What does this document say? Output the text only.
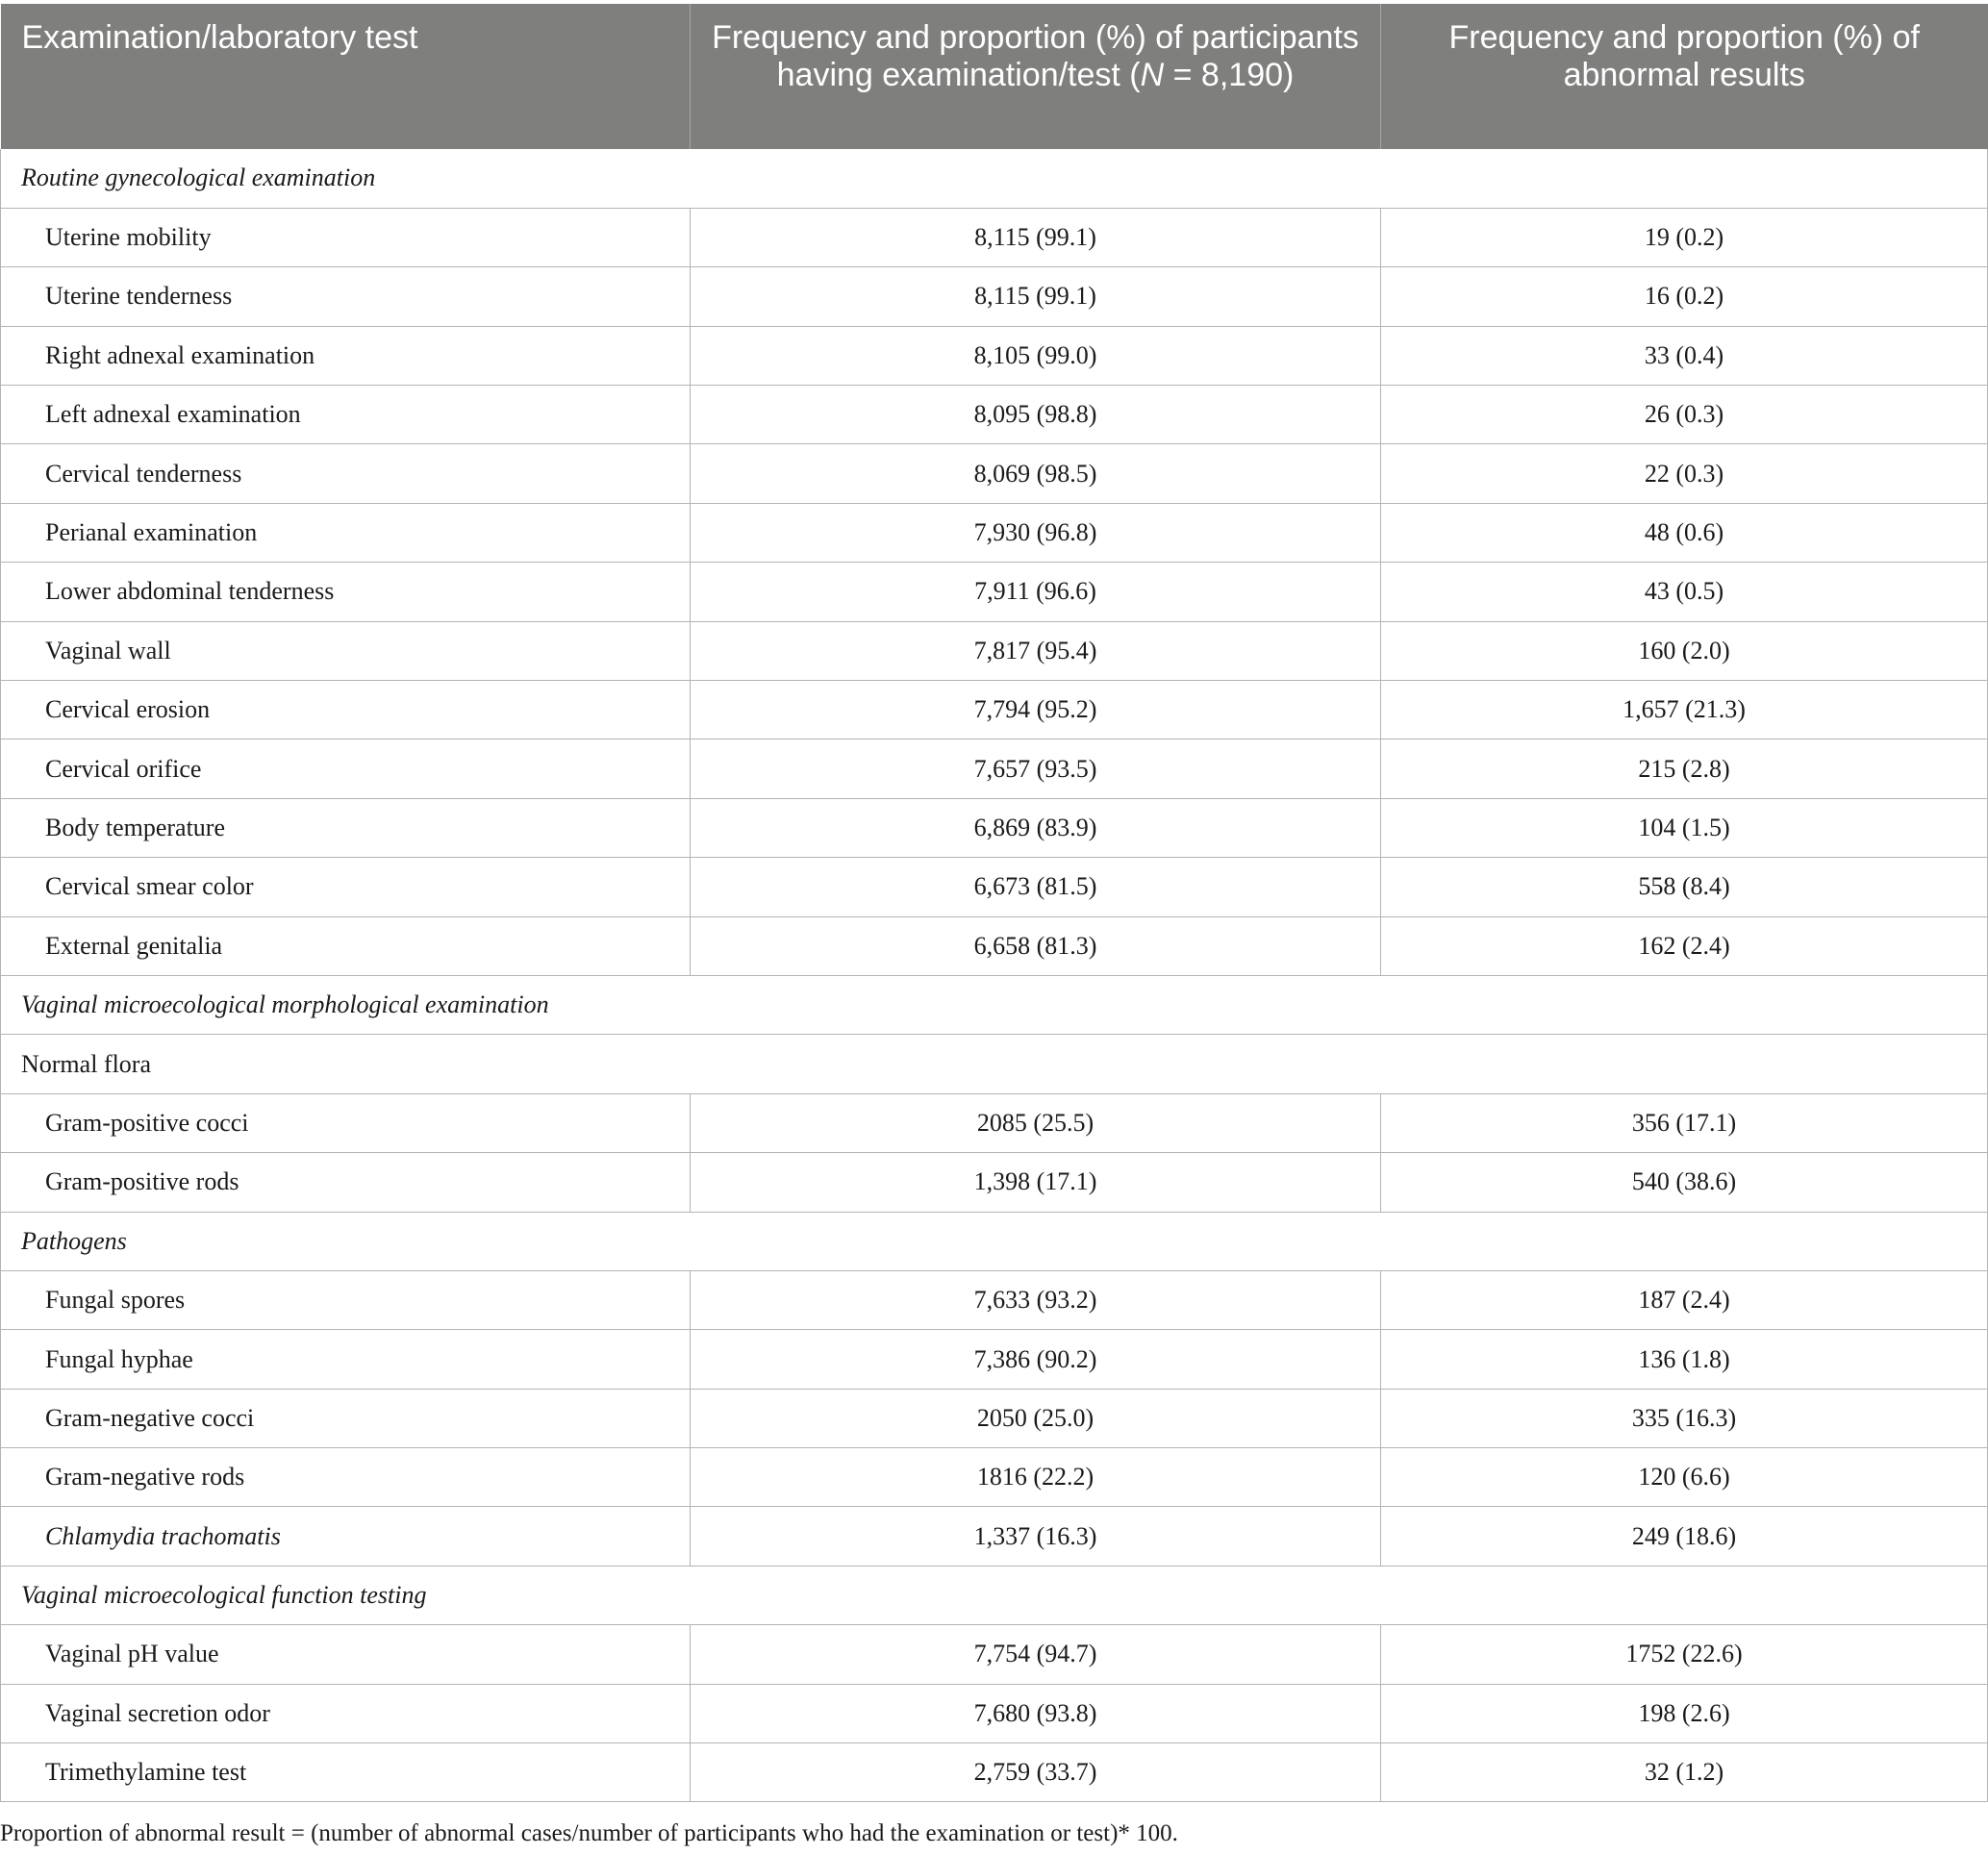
Examination/laboratory test	Frequency and proportion (%) of participants having examination/test (N = 8,190)	Frequency and proportion (%) of abnormal results
Routine gynecological examination		
Uterine mobility	8,115 (99.1)	19 (0.2)
Uterine tenderness	8,115 (99.1)	16 (0.2)
Right adnexal examination	8,105 (99.0)	33 (0.4)
Left adnexal examination	8,095 (98.8)	26 (0.3)
Cervical tenderness	8,069 (98.5)	22 (0.3)
Perianal examination	7,930 (96.8)	48 (0.6)
Lower abdominal tenderness	7,911 (96.6)	43 (0.5)
Vaginal wall	7,817 (95.4)	160 (2.0)
Cervical erosion	7,794 (95.2)	1,657 (21.3)
Cervical orifice	7,657 (93.5)	215 (2.8)
Body temperature	6,869 (83.9)	104 (1.5)
Cervical smear color	6,673 (81.5)	558 (8.4)
External genitalia	6,658 (81.3)	162 (2.4)
Vaginal microecological morphological examination		
Normal flora		
Gram-positive cocci	2085 (25.5)	356 (17.1)
Gram-positive rods	1,398 (17.1)	540 (38.6)
Pathogens		
Fungal spores	7,633 (93.2)	187 (2.4)
Fungal hyphae	7,386 (90.2)	136 (1.8)
Gram-negative cocci	2050 (25.0)	335 (16.3)
Gram-negative rods	1816 (22.2)	120 (6.6)
Chlamydia trachomatis	1,337 (16.3)	249 (18.6)
Vaginal microecological function testing		
Vaginal pH value	7,754 (94.7)	1752 (22.6)
Vaginal secretion odor	7,680 (93.8)	198 (2.6)
Trimethylamine test	2,759 (33.7)	32 (1.2)
Proportion of abnormal result = (number of abnormal cases/number of participants who had the examination or test)* 100.
